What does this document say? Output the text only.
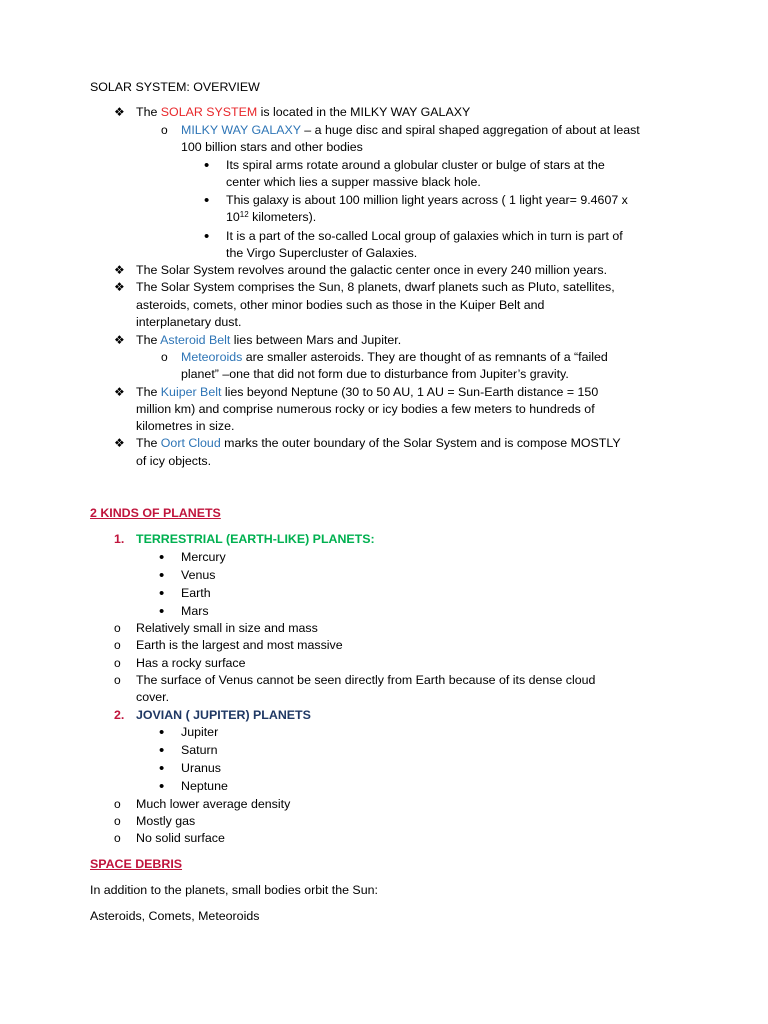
SOLAR SYSTEM: OVERVIEW
❖ The SOLAR SYSTEM is located in the MILKY WAY GALAXY
o MILKY WAY GALAXY – a huge disc and spiral shaped aggregation of about at least
100 billion stars and other bodies
• Its spiral arms rotate around a globular cluster or bulge of stars at the
center which lies a supper massive black hole.
• This galaxy is about 100 million light years across ( 1 light year= 9.4607 x
$10^{12}$ kilometers).
• It is a part of the so-called Local group of galaxies which in turn is part of
the Virgo Supercluster of Galaxies.
❖ The Solar System revolves around the galactic center once in every 240 million years.
❖ The Solar System comprises the Sun, 8 planets, dwarf planets such as Pluto, satellites,
asteroids, comets, other minor bodies such as those in the Kuiper Belt and
interplanetary dust.
❖ The Asteroid Belt lies between Mars and Jupiter.
o Meteoroids are smaller asteroids. They are thought of as remnants of a “failed
planet” –one that did not form due to disturbance from Jupiter’s gravity.
❖ The Kuiper Belt lies beyond Neptune (30 to 50 AU, 1 AU = Sun-Earth distance = 150
million km) and comprise numerous rocky or icy bodies a few meters to hundreds of
kilometres in size.
❖ The Oort Cloud marks the outer boundary of the Solar System and is compose MOSTLY
of icy objects.
2 KINDS OF PLANETS
1. TERRESTRIAL (EARTH-LIKE) PLANETS:
• Mercury
• Venus
• Earth
• Mars
o Relatively small in size and mass
o Earth is the largest and most massive
o Has a rocky surface
o The surface of Venus cannot be seen directly from Earth because of its dense cloud
cover.
2. JOVIAN ( JUPITER) PLANETS
• Jupiter
• Saturn
• Uranus
• Neptune
o Much lower average density
o Mostly gas
o No solid surface
SPACE DEBRIS
In addition to the planets, small bodies orbit the Sun:
Asteroids, Comets, Meteoroids
